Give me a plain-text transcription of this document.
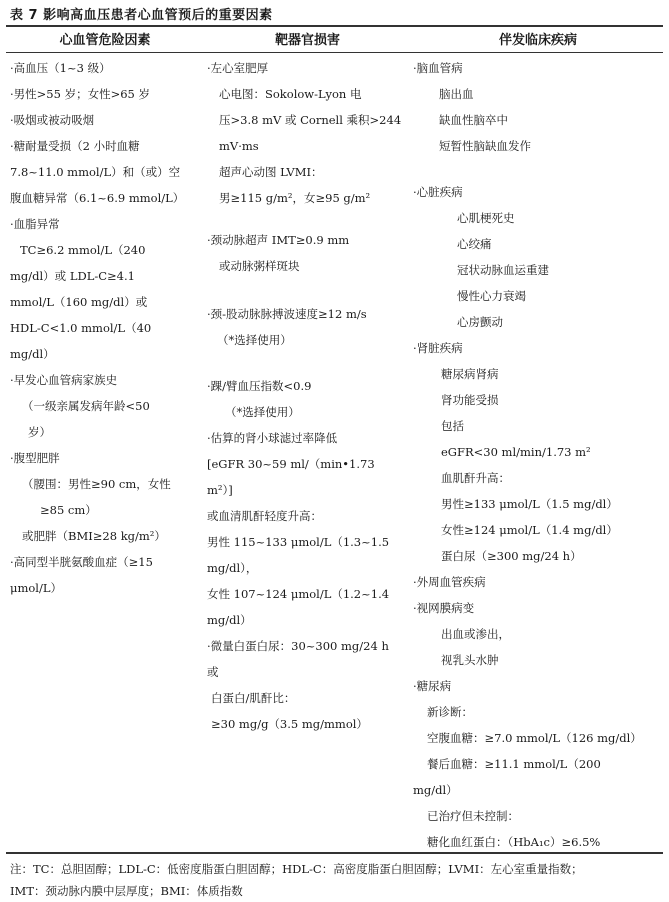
表 7 影响高血压患者心血管预后的重要因素
心血管危险因素	靶器官损害	伴发临床疾病
·高血压（1~3 级）
·男性>55 岁；女性>65 岁
·吸烟或被动吸烟
·糖耐量受损（2 小时血糖
7.8~11.0 mmol/L）和（或）空
腹血糖异常（6.1~6.9 mmol/L）
·血脂异常
TC≥6.2 mmol/L（240
mg/dl）或 LDL-C≥4.1
mmol/L（160 mg/dl）或
HDL-C<1.0 mmol/L（40
mg/dl）
·早发心血管病家族史
（一级亲属发病年龄<50
岁）
·腹型肥胖
（腰围：男性≥90 cm，女性
≥85 cm）
或肥胖（BMI≥28 kg/m²）
·高同型半胱氨酸血症（≥15
μmol/L）
·左心室肥厚
心电图：Sokolow-Lyon 电
压>3.8 mV 或 Cornell 乘积>244
mV·ms
超声心动图 LVMI：
男≥115 g/m²，女≥95 g/m²
·颈动脉超声 IMT≥0.9 mm
或动脉粥样斑块
·颈-股动脉脉搏波速度≥12 m/s
（*选择使用）
·踝/臂血压指数<0.9
（*选择使用）
·估算的肾小球滤过率降低
[eGFR 30~59 ml/（min•1.73
m²）]
或血清肌酐轻度升高：
男性 115~133 μmol/L（1.3~1.5
mg/dl），
女性 107~124 μmol/L（1.2~1.4
mg/dl）
·微量白蛋白尿：30~300 mg/24 h
或
白蛋白/肌酐比：
≥30 mg/g（3.5 mg/mmol）
·脑血管病
脑出血
缺血性脑卒中
短暂性脑缺血发作
·心脏疾病
心肌梗死史
心绞痛
冠状动脉血运重建
慢性心力衰竭
心房颤动
·肾脏疾病
糖尿病肾病
肾功能受损
包括
eGFR<30 ml/min/1.73 m²
血肌酐升高：
男性≥133 μmol/L（1.5 mg/dl）
女性≥124 μmol/L（1.4 mg/dl）
蛋白尿（≥300 mg/24 h）
·外周血管疾病
·视网膜病变
出血或渗出，
视乳头水肿
·糖尿病
新诊断：
空腹血糖：≥7.0 mmol/L（126 mg/dl）
餐后血糖：≥11.1 mmol/L（200
mg/dl）
已治疗但未控制：
糖化血红蛋白：（HbA₁c）≥6.5%
注：TC：总胆固醇；LDL-C：低密度脂蛋白胆固醇；HDL-C：高密度脂蛋白胆固醇；LVMI：左心室重量指数；
IMT：颈动脉内膜中层厚度；BMI：体质指数
